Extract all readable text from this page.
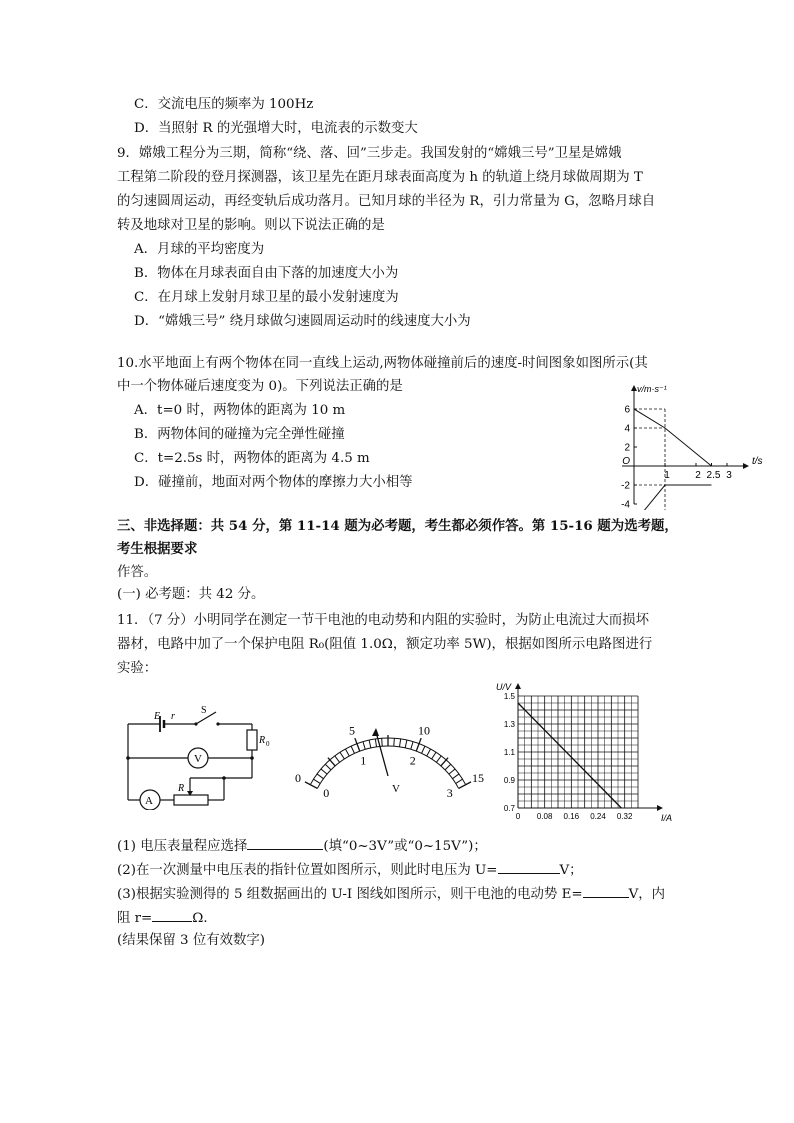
C．交流电压的频率为 100Hz
D．当照射 R 的光强增大时，电流表的示数变大
9．嫦娥工程分为三期，简称“绕、落、回”三步走。我国发射的“嫦娥三号”卫星是嫦娥
工程第二阶段的登月探测器，该卫星先在距月球表面高度为 h 的轨道上绕月球做周期为 T
的匀速圆周运动，再经变轨后成功落月。已知月球的半径为 R，引力常量为 G，忽略月球自
转及地球对卫星的影响。则以下说法正确的是
A．月球的平均密度为
B．物体在月球表面自由下落的加速度大小为
C．在月球上发射月球卫星的最小发射速度为
D．“嫦娥三号” 绕月球做匀速圆周运动时的线速度大小为
10.水平地面上有两个物体在同一直线上运动,两物体碰撞前后的速度-时间图象如图所示(其
中一个物体碰后速度变为 0)。下列说法正确的是
A．t=0 时，两物体的距离为 10 m
B．两物体间的碰撞为完全弹性碰撞
C．t=2.5s 时，两物体的距离为 4.5 m
D．碰撞前，地面对两个物体的摩擦力大小相等
6
4
2
O
-2
-4
1	2 2.5 3
v/m·s⁻¹
t/s
三、非选择题：共 54 分，第 11-14 题为必考题，考生都必须作答。第 15-16 题为选考题，
考生根据要求
作答。
(一) 必考题：共 42 分。
11．（7 分）小明同学在测定一节干电池的电动势和内阻的实验时，为防止电流过大而损坏
器材，电路中加了一个保护电阻 R₀(阻值 1.0Ω，额定功率 5W)，根据如图所示电路图进行
实验：
E r
S
R 0
V
A
R
0
5	10
15
0
1	2
3
V
1.5
1.3
1.1
0.9
0.7
0 0.08 0.16 0.24 0.32
U/V
I/A
(1) 电压表量程应选择	(填“0~3V”或“0~15V”)；
(2)在一次测量中电压表的指针位置如图所示，则此时电压为 U=	V；
(3)根据实验测得的 5 组数据画出的 U-I 图线如图所示，则干电池的电动势 E=	V，内
阻 r=	Ω．
(结果保留 3 位有效数字)
